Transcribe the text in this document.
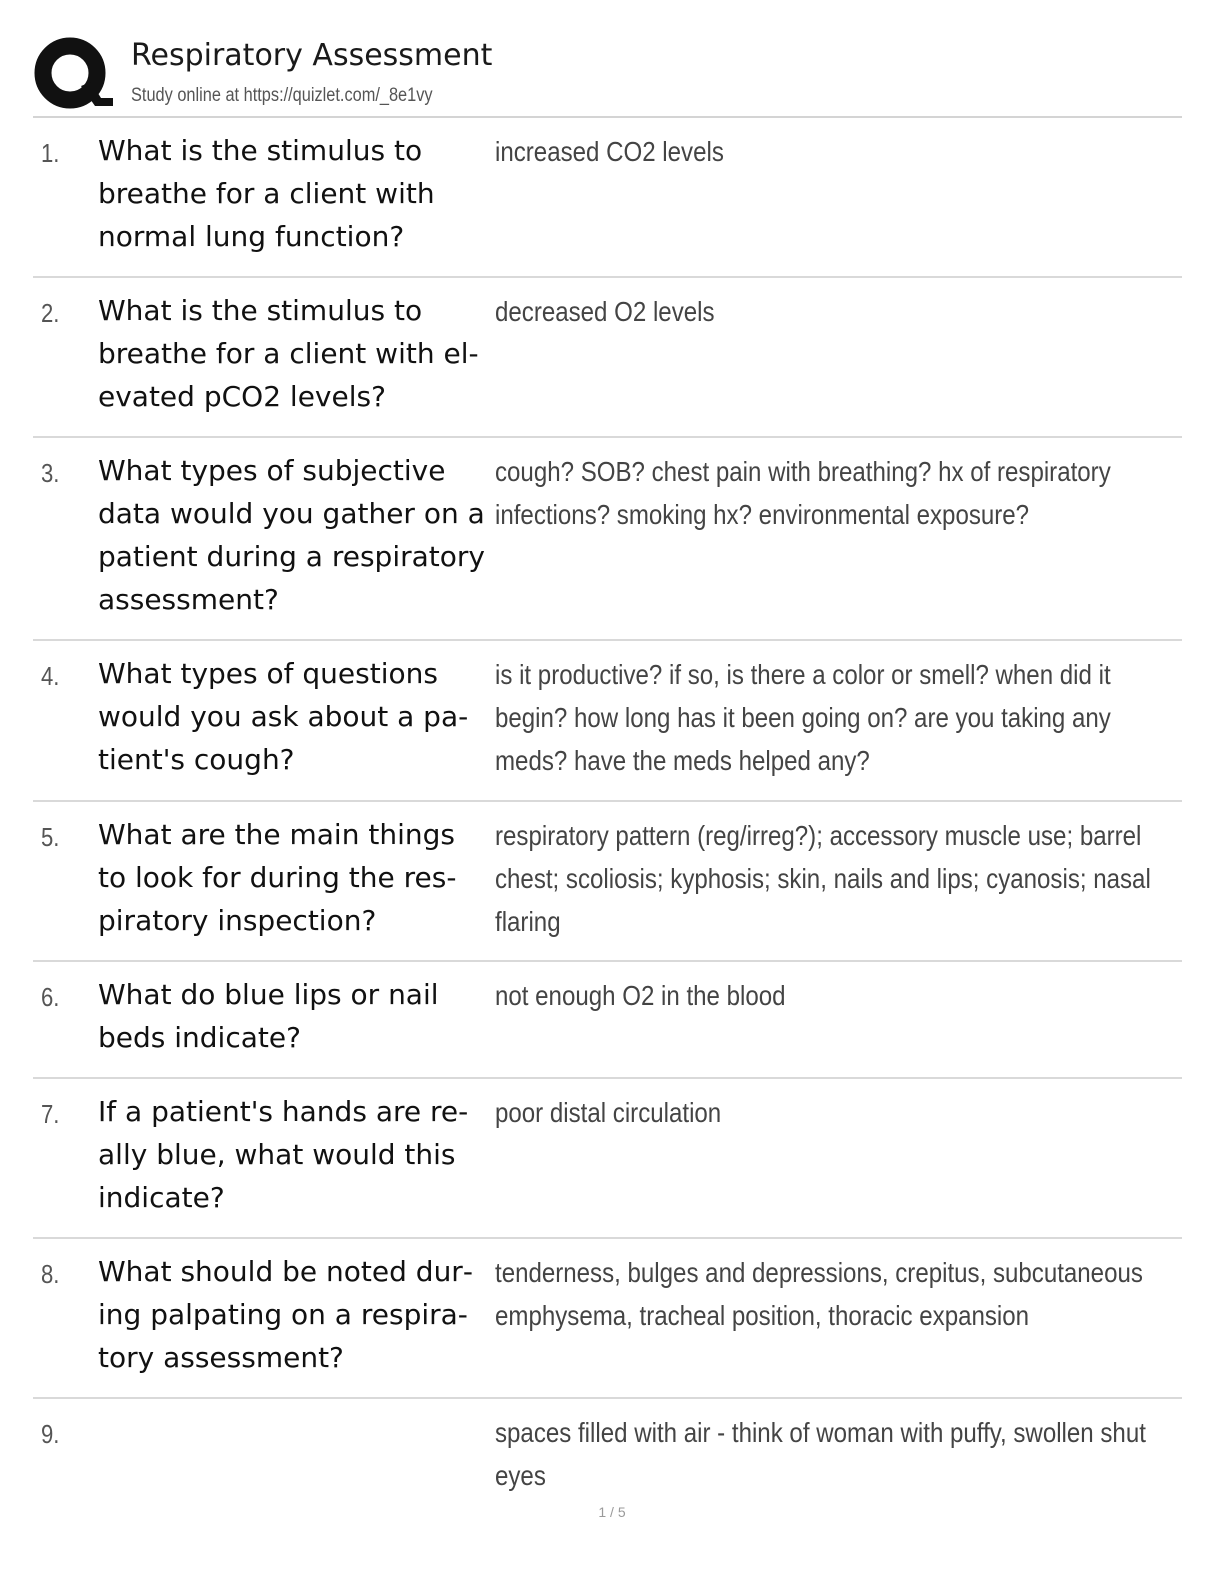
Respiratory Assessment
Study online at https://quizlet.com/_8e1vy
1. What is the stimulus to breathe for a client with normal lung function?
increased CO2 levels
2. What is the stimulus to breathe for a client with elevated pCO2 levels?
decreased O2 levels
3. What types of subjective data would you gather on a patient during a respiratory assessment?
cough? SOB? chest pain with breathing? hx of respiratory infections? smoking hx? environmental exposure?
4. What types of questions would you ask about a patient's cough?
is it productive? if so, is there a color or smell? when did it begin? how long has it been going on? are you taking any meds? have the meds helped any?
5. What are the main things to look for during the respiratory inspection?
respiratory pattern (reg/irreg?); accessory muscle use; barrel chest; scoliosis; kyphosis; skin, nails and lips; cyanosis; nasal flaring
6. What do blue lips or nail beds indicate?
not enough O2 in the blood
7. If a patient's hands are really blue, what would this indicate?
poor distal circulation
8. What should be noted during palpating on a respiratory assessment?
tenderness, bulges and depressions, crepitus, subcutaneous emphysema, tracheal position, thoracic expansion
9.	spaces filled with air - think of woman with puffy, swollen shut eyes
1 / 5
